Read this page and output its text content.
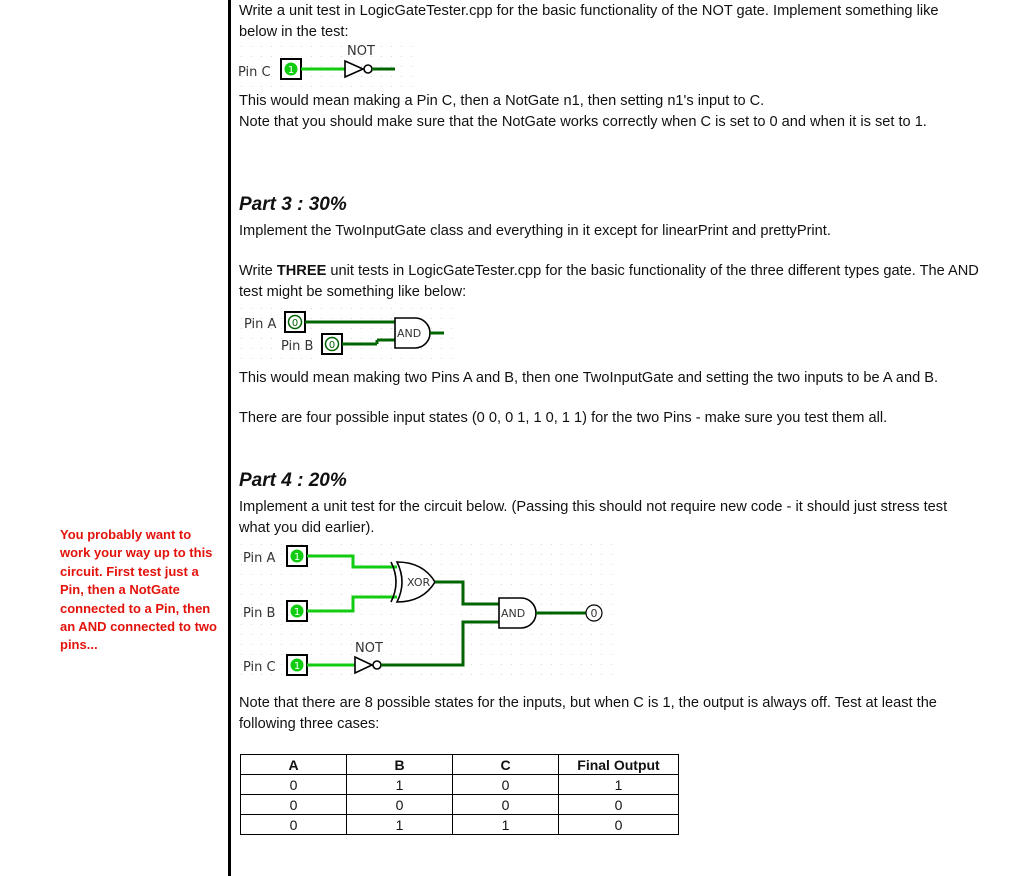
You probably want to work your way up to this circuit. First test just a Pin, then a NotGate connected to a Pin, then an AND connected to two pins...
Write a unit test in LogicGateTester.cpp for the basic functionality of the NOT gate. Implement something like below in the test:
Pin C 1
NOT
This would mean making a Pin C, then a NotGate n1, then setting n1's input to C.
Note that you should make sure that the NotGate works correctly when C is set to 0 and when it is set to 1.
Part 3 : 30%
Implement the TwoInputGate class and everything in it except for linearPrint and prettyPrint.
Write THREE unit tests in LogicGateTester.cpp for the basic functionality of the three different types gate. The AND test might be something like below:
Pin A 0
Pin B 0
AND
This would mean making two Pins A and B, then one TwoInputGate and setting the two inputs to be A and B.
There are four possible input states (0 0, 0 1, 1 0, 1 1) for the two Pins - make sure you test them all.
Part 4 : 20%
Implement a unit test for the circuit below. (Passing this should not require new code - it should just stress test what you did earlier).
Pin A 1
Pin B 1
Pin C 1
XOR
NOT
AND	0
Note that there are 8 possible states for the inputs, but when C is 1, the output is always off. Test at least the following three cases:
A	B	C	Final Output
0	1	0	1
0	0	0	0
0	1	1	0
